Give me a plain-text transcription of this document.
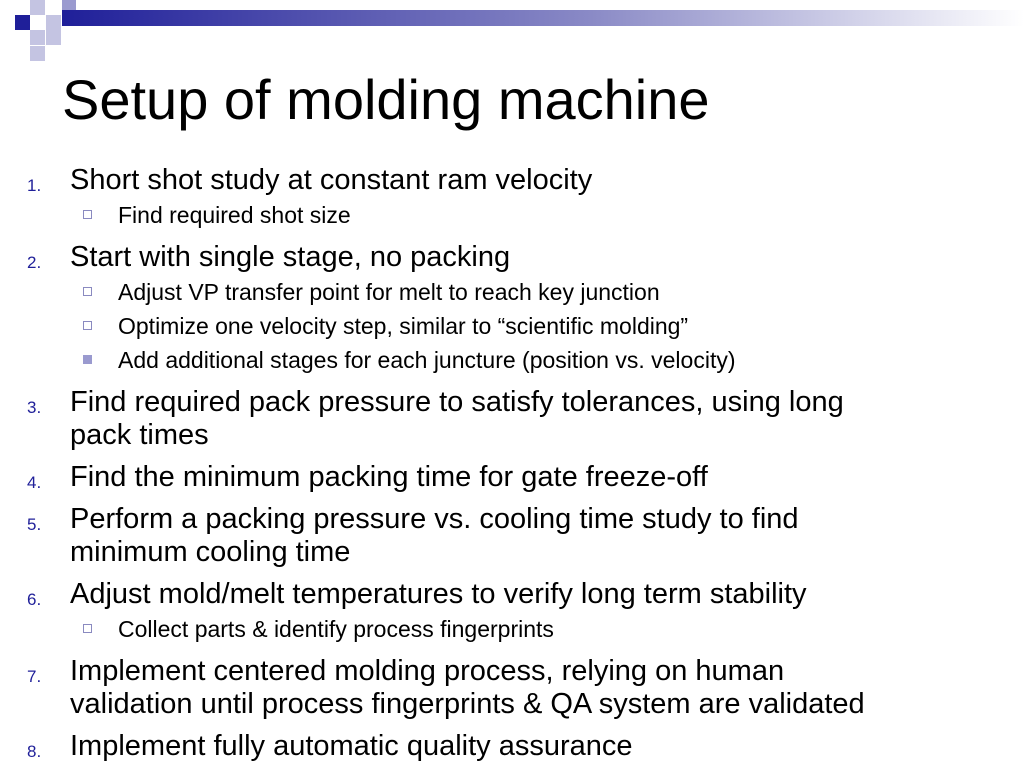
Setup of molding machine
1. Short shot study at constant ram velocity
Find required shot size
2. Start with single stage, no packing
Adjust VP transfer point for melt to reach key junction
Optimize one velocity step, similar to “scientific molding”
Add additional stages for each juncture (position vs. velocity)
3. Find required pack pressure to satisfy tolerances, using long
pack times
4. Find the minimum packing time for gate freeze-off
5. Perform a packing pressure vs. cooling time study to find
minimum cooling time
6. Adjust mold/melt temperatures to verify long term stability
Collect parts & identify process fingerprints
7. Implement centered molding process, relying on human
validation until process fingerprints & QA system are validated
8. Implement fully automatic quality assurance
